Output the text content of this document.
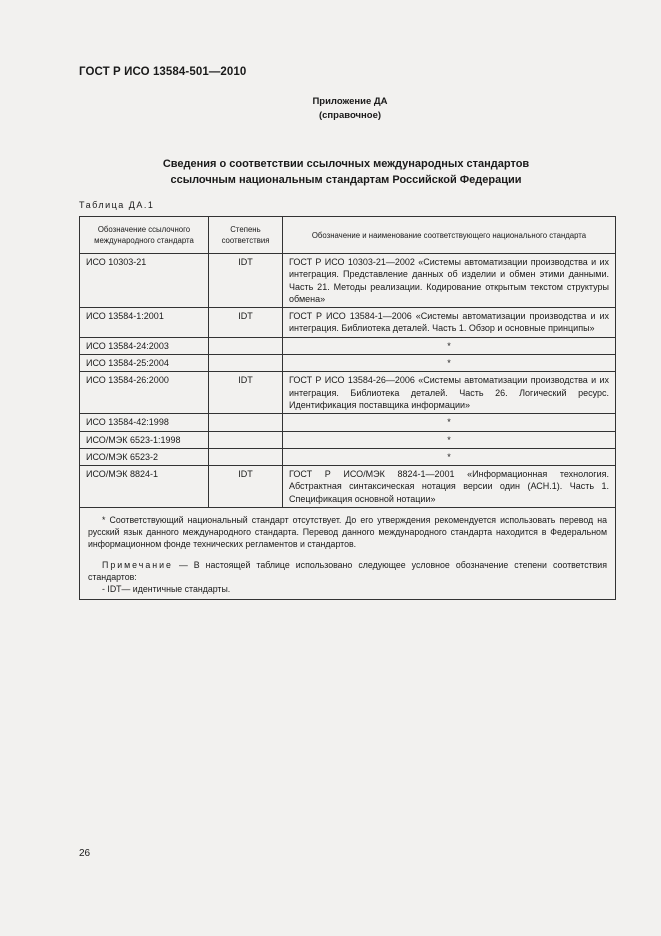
ГОСТ Р ИСО 13584-501—2010
Приложение ДА
(справочное)
Сведения о соответствии ссылочных международных стандартов
ссылочным национальным стандартам Российской Федерации
Таблица ДА.1
Обозначение ссылочного международного стандарта	Степень соответствия	Обозначение и наименование соответствующего национального стандарта
ИСО 10303-21	IDT	ГОСТ Р ИСО 10303-21—2002 «Системы автоматизации производства и их интеграция. Представление данных об изделии и обмен этими данными. Часть 21. Методы реализации. Кодирование открытым текстом структуры обмена»
ИСО 13584-1:2001	IDT	ГОСТ Р ИСО 13584-1—2006 «Системы автоматизации производства и их интеграция. Библиотека деталей. Часть 1. Обзор и основные принципы»
ИСО 13584-24:2003		*
ИСО 13584-25:2004		*
ИСО 13584-26:2000	IDT	ГОСТ Р ИСО 13584-26—2006 «Системы автоматизации производства и их интеграция. Библиотека деталей. Часть 26. Логический ресурс. Идентификация поставщика информации»
ИСО 13584-42:1998		*
ИСО/МЭК 6523-1:1998		*
ИСО/МЭК 6523-2		*
ИСО/МЭК 8824-1	IDT	ГОСТ Р ИСО/МЭК 8824-1—2001 «Информационная технология. Абстрактная синтаксическая нотация версии один (АСН.1). Часть 1. Спецификация основной нотации»

* Соответствующий национальный стандарт отсутствует. До его утверждения рекомендуется использовать перевод на русский язык данного международного стандарта. Перевод данного международного стандарта находится в Федеральном информационном фонде технических регламентов и стандартов.

Примечание — В настоящей таблице использовано следующее условное обозначение степени соответствия стандартов:

- IDT— идентичные стандарты.		

26
